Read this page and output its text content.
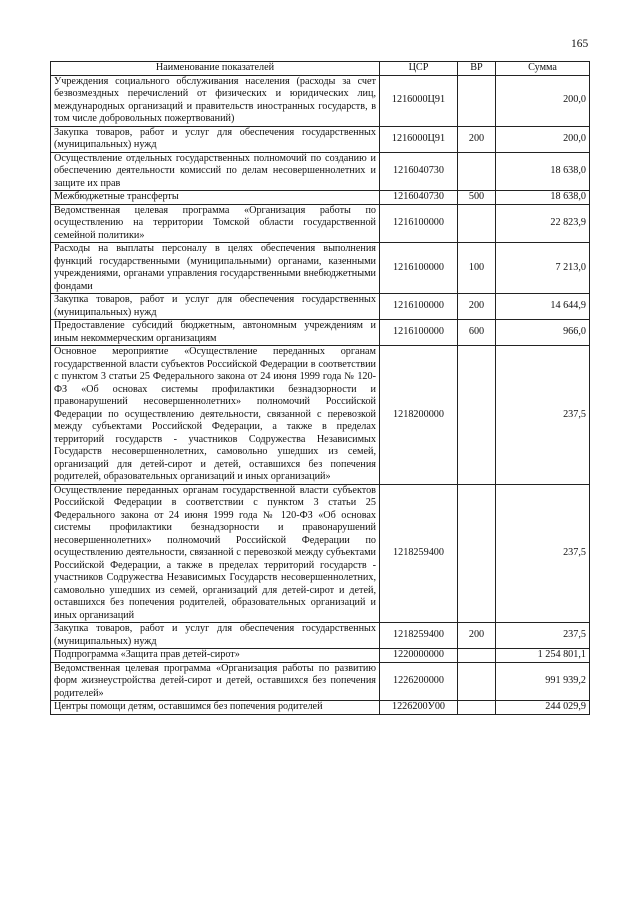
165
Наименование показателей	ЦСР	ВР	Сумма
Учреждения социального обслуживания населения (расходы за счет безвозмездных перечислений от физических и юридических лиц, международных организаций и правительств иностранных государств, в том числе добровольных пожертвований)	1216000Ц91		200,0
Закупка товаров, работ и услуг для обеспечения государственных (муниципальных) нужд	1216000Ц91	200	200,0
Осуществление отдельных государственных полномочий по созданию и обеспечению деятельности комиссий по делам несовершеннолетних и защите их прав	1216040730		18 638,0
Межбюджетные трансферты	1216040730	500	18 638,0
Ведомственная целевая программа «Организация работы по осуществлению на территории Томской области государственной семейной политики»	1216100000		22 823,9
Расходы на выплаты персоналу в целях обеспечения выполнения функций государственными (муниципальными) органами, казенными учреждениями, органами управления государственными внебюджетными фондами	1216100000	100	7 213,0
Закупка товаров, работ и услуг для обеспечения государственных (муниципальных) нужд	1216100000	200	14 644,9
Предоставление субсидий бюджетным, автономным учреждениям и иным некоммерческим организациям	1216100000	600	966,0
Основное мероприятие «Осуществление переданных органам государственной власти субъектов Российской Федерации в соответствии с пунктом 3 статьи 25 Федерального закона от 24 июня 1999 года № 120-ФЗ «Об основах системы профилактики безнадзорности и правонарушений несовершеннолетних» полномочий Российской Федерации по осуществлению деятельности, связанной с перевозкой между субъектами Российской Федерации, а также в пределах территорий государств - участников Содружества Независимых Государств несовершеннолетних, самовольно ушедших из семей, организаций для детей-сирот и детей, оставшихся без попечения родителей, образовательных организаций и иных организаций»	1218200000		237,5
Осуществление переданных органам государственной власти субъектов Российской Федерации в соответствии с пунктом 3 статьи 25 Федерального закона от 24 июня 1999 года № 120-ФЗ «Об основах системы профилактики безнадзорности и правонарушений несовершеннолетних» полномочий Российской Федерации по осуществлению деятельности, связанной с перевозкой между субъектами Российской Федерации, а также в пределах территорий государств - участников Содружества Независимых Государств несовершеннолетних, самовольно ушедших из семей, организаций для детей-сирот и детей, оставшихся без попечения родителей, образовательных организаций и иных организаций	1218259400		237,5
Закупка товаров, работ и услуг для обеспечения государственных (муниципальных) нужд	1218259400	200	237,5
Подпрограмма «Защита прав детей-сирот»	1220000000		1 254 801,1
Ведомственная целевая программа «Организация работы по развитию форм жизнеустройства детей-сирот и детей, оставшихся без попечения родителей»	1226200000		991 939,2
Центры помощи детям, оставшимся без попечения родителей	1226200У00		244 029,9
